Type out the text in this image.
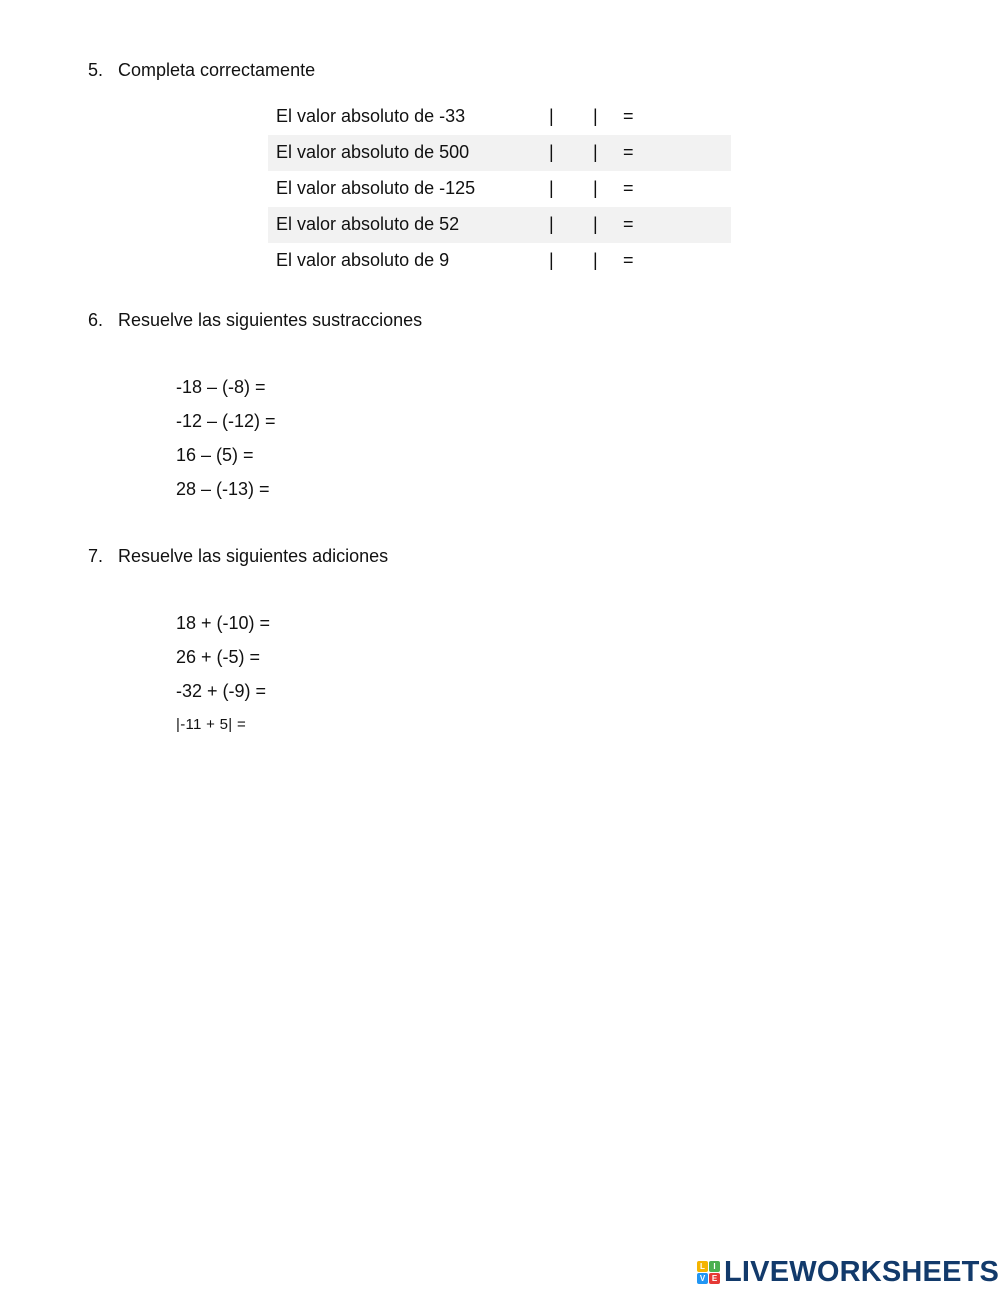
5. Completa correctamente
El valor absoluto de -33	| | =
El valor absoluto de 500	| | =
El valor absoluto de -125	| | =
El valor absoluto de 52	| | =
El valor absoluto de 9	| | =
6. Resuelve las siguientes sustracciones
-18 – (-8) =
-12 – (-12) =
16 – (5) =
28 – (-13) =
7. Resuelve las siguientes adiciones
18 + (-10) =
26 + (-5) =
-32 + (-9) =
|-11 + 5| =
L	I
V E LIVEWORKSHEETS
